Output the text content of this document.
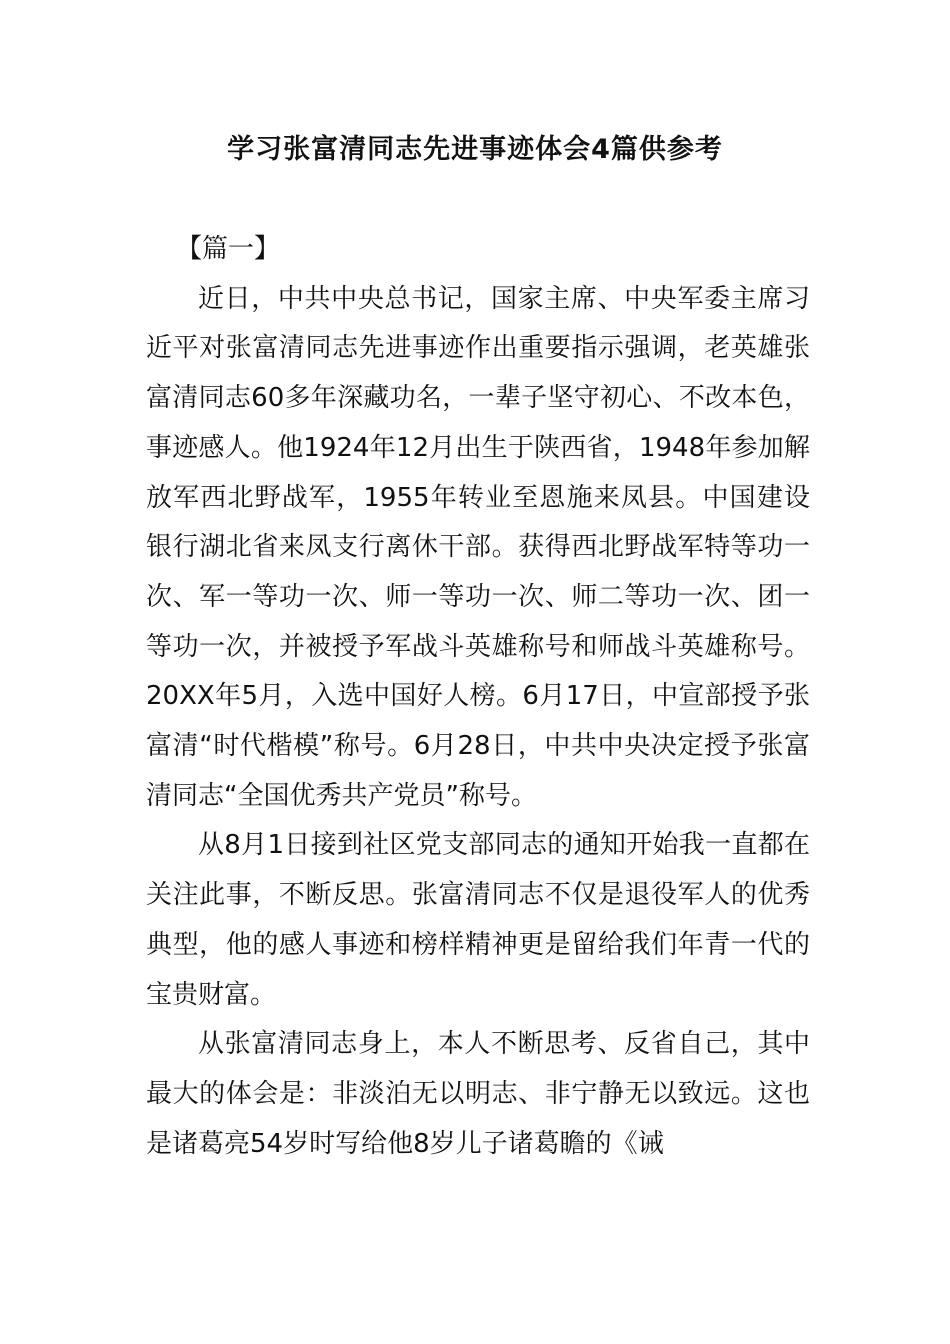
学习张富清同志先进事迹体会4篇供参考

【篇一】

近日，中共中央总书记，国家主席、中央军委主席习近平对张富清同志先进事迹作出重要指示强调，老英雄张富清同志60多年深藏功名，一辈子坚守初心、不改本色，事迹感人。他1924年12月出生于陕西省，1948年参加解放军西北野战军，1955年转业至恩施来凤县。中国建设银行湖北省来凤支行离休干部。获得西北野战军特等功一次、军一等功一次、师一等功一次、师二等功一次、团一等功一次，并被授予军战斗英雄称号和师战斗英雄称号。20XX年5月，入选中国好人榜。6月17日，中宣部授予张富清“时代楷模”称号。6月28日，中共中央决定授予张富清同志“全国优秀共产党员”称号。

从8月1日接到社区党支部同志的通知开始我一直都在关注此事，不断反思。张富清同志不仅是退役军人的优秀典型，他的感人事迹和榜样精神更是留给我们年青一代的宝贵财富。

从张富清同志身上，本人不断思考、反省自己，其中最大的体会是：非淡泊无以明志、非宁静无以致远。这也是诸葛亮54岁时写给他8岁儿子诸葛瞻的《诫
